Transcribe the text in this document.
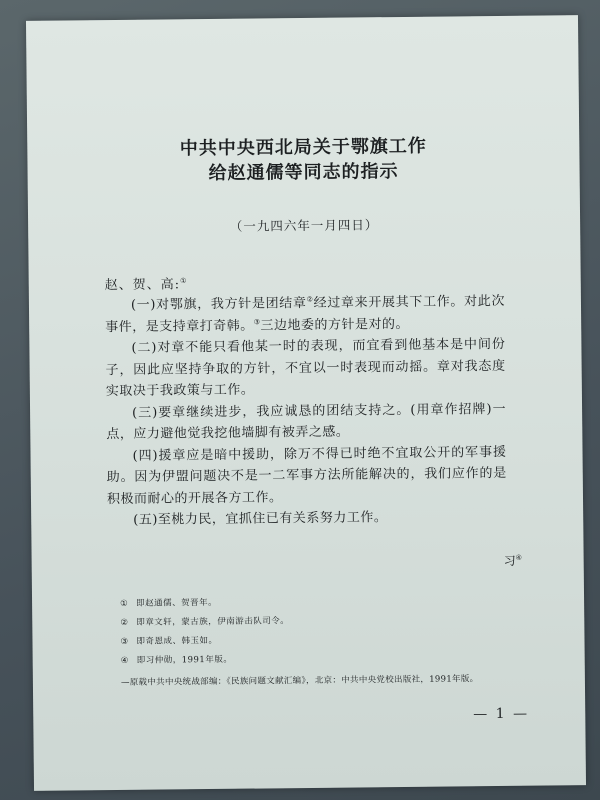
中共中央西北局关于鄂旗工作
给赵通儒等同志的指示
（一九四六年一月四日）
赵、贺、高:①

(一)对鄂旗，我方针是团结章②经过章来开展其下工作。对此次事件，是支持章打奇韩。③三边地委的方针是对的。

(二)对章不能只看他某一时的表现，而宜看到他基本是中间份子，因此应坚持争取的方针，不宜以一时表现而动摇。章对我态度实取决于我政策与工作。

(三)要章继续进步，我应诚恳的团结支持之。(用章作招牌)一点，应力避他觉我挖他墙脚有被弄之感。

(四)援章应是暗中援助，除万不得已时绝不宜取公开的军事援助。因为伊盟问题决不是一二军事方法所能解决的，我们应作的是积极而耐心的开展各方工作。

(五)至桃力民，宜抓住已有关系努力工作。

习④

① 即赵通儒、贺晋年。

② 即章文轩，蒙古族，伊南游击队司令。

③ 即奇恩成、韩玉如。

④ 即习仲勋，1991年版。

—原载中共中央统战部编：《民族问题文献汇编》，北京：中共中央党校出版社，1991年版。
— 1 —
